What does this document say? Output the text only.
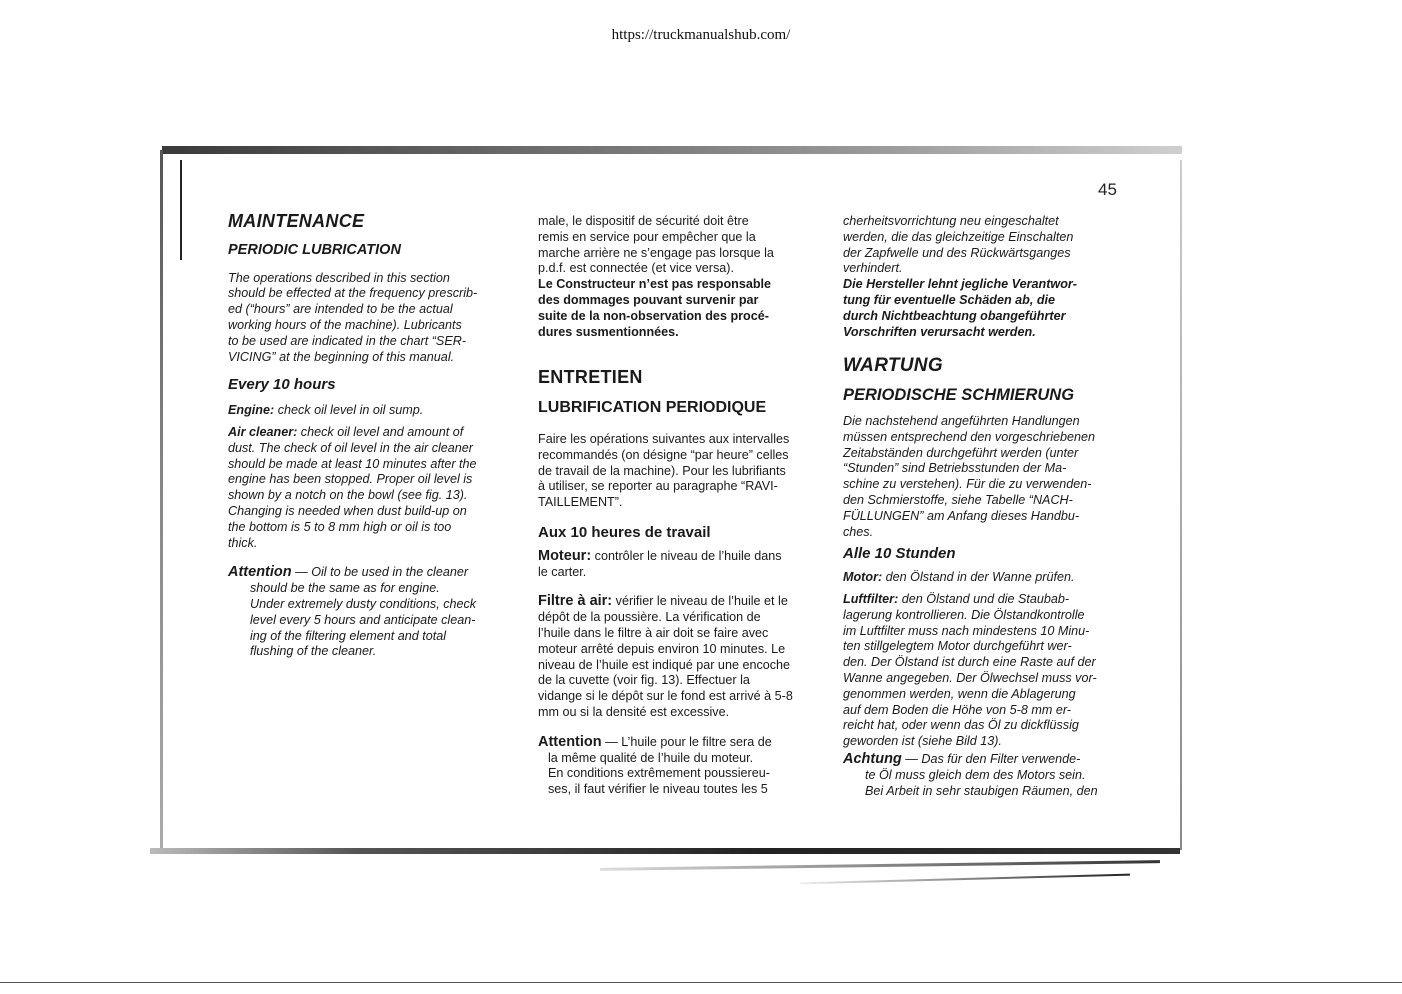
https://truckmanualshub.com/
45
MAINTENANCE
PERIODIC LUBRICATION
The operations described in this section
should be effected at the frequency prescrib-
ed (“hours” are intended to be the actual
working hours of the machine). Lubricants
to be used are indicated in the chart “SER-
VICING” at the beginning of this manual.
Every 10 hours
Engine: check oil level in oil sump.
Air cleaner: check oil level and amount of
dust. The check of oil level in the air cleaner
should be made at least 10 minutes after the
engine has been stopped. Proper oil level is
shown by a notch on the bowl (see fig. 13).
Changing is needed when dust build-up on
the bottom is 5 to 8 mm high or oil is too
thick.
Attention — Oil to be used in the cleaner
should be the same as for engine.
Under extremely dusty conditions, check
level every 5 hours and anticipate clean-
ing of the filtering element and total
flushing of the cleaner.
male, le dispositif de sécurité doit être
remis en service pour empêcher que la
marche arrière ne s’engage pas lorsque la
p.d.f. est connectée (et vice versa).
Le Constructeur n’est pas responsable
des dommages pouvant survenir par
suite de la non-observation des procé-
dures susmentionnées.
ENTRETIEN
LUBRIFICATION PERIODIQUE
Faire les opérations suivantes aux intervalles
recommandés (on désigne “par heure” celles
de travail de la machine). Pour les lubrifiants
à utiliser, se reporter au paragraphe “RAVI-
TAILLEMENT”.
Aux 10 heures de travail
Moteur: contrôler le niveau de l’huile dans
le carter.
Filtre à air: vérifier le niveau de l’huile et le
dépôt de la poussière. La vérification de
l’huile dans le filtre à air doit se faire avec
moteur arrêté depuis environ 10 minutes. Le
niveau de l’huile est indiqué par une encoche
de la cuvette (voir fig. 13). Effectuer la
vidange si le dépôt sur le fond est arrivé à 5-8
mm ou si la densité est excessive.
Attention — L’huile pour le filtre sera de
la même qualité de l’huile du moteur.
En conditions extrêmement poussiereu-
ses, il faut vérifier le niveau toutes les 5
cherheitsvorrichtung neu eingeschaltet
werden, die das gleichzeitige Einschalten
der Zapfwelle und des Rückwärtsganges
verhindert.
Die Hersteller lehnt jegliche Verantwor-
tung für eventuelle Schäden ab, die
durch Nichtbeachtung obangeführter
Vorschriften verursacht werden.
WARTUNG
PERIODISCHE SCHMIERUNG
Die nachstehend angeführten Handlungen
müssen entsprechend den vorgeschriebenen
Zeitabständen durchgeführt werden (unter
“Stunden” sind Betriebsstunden der Ma-
schine zu verstehen). Für die zu verwenden-
den Schmierstoffe, siehe Tabelle “NACH-
FÜLLUNGEN” am Anfang dieses Handbu-
ches.
Alle 10 Stunden
Motor: den Ölstand in der Wanne prüfen.
Luftfilter: den Ölstand und die Staubab-
lagerung kontrollieren. Die Ölstandkontrolle
im Luftfilter muss nach mindestens 10 Minu-
ten stillgelegtem Motor durchgeführt wer-
den. Der Ölstand ist durch eine Raste auf der
Wanne angegeben. Der Ölwechsel muss vor-
genommen werden, wenn die Ablagerung
auf dem Boden die Höhe von 5-8 mm er-
reicht hat, oder wenn das Öl zu dickflüssig
geworden ist (siehe Bild 13).
Achtung — Das für den Filter verwende-
te Öl muss gleich dem des Motors sein.
Bei Arbeit in sehr staubigen Räumen, den
